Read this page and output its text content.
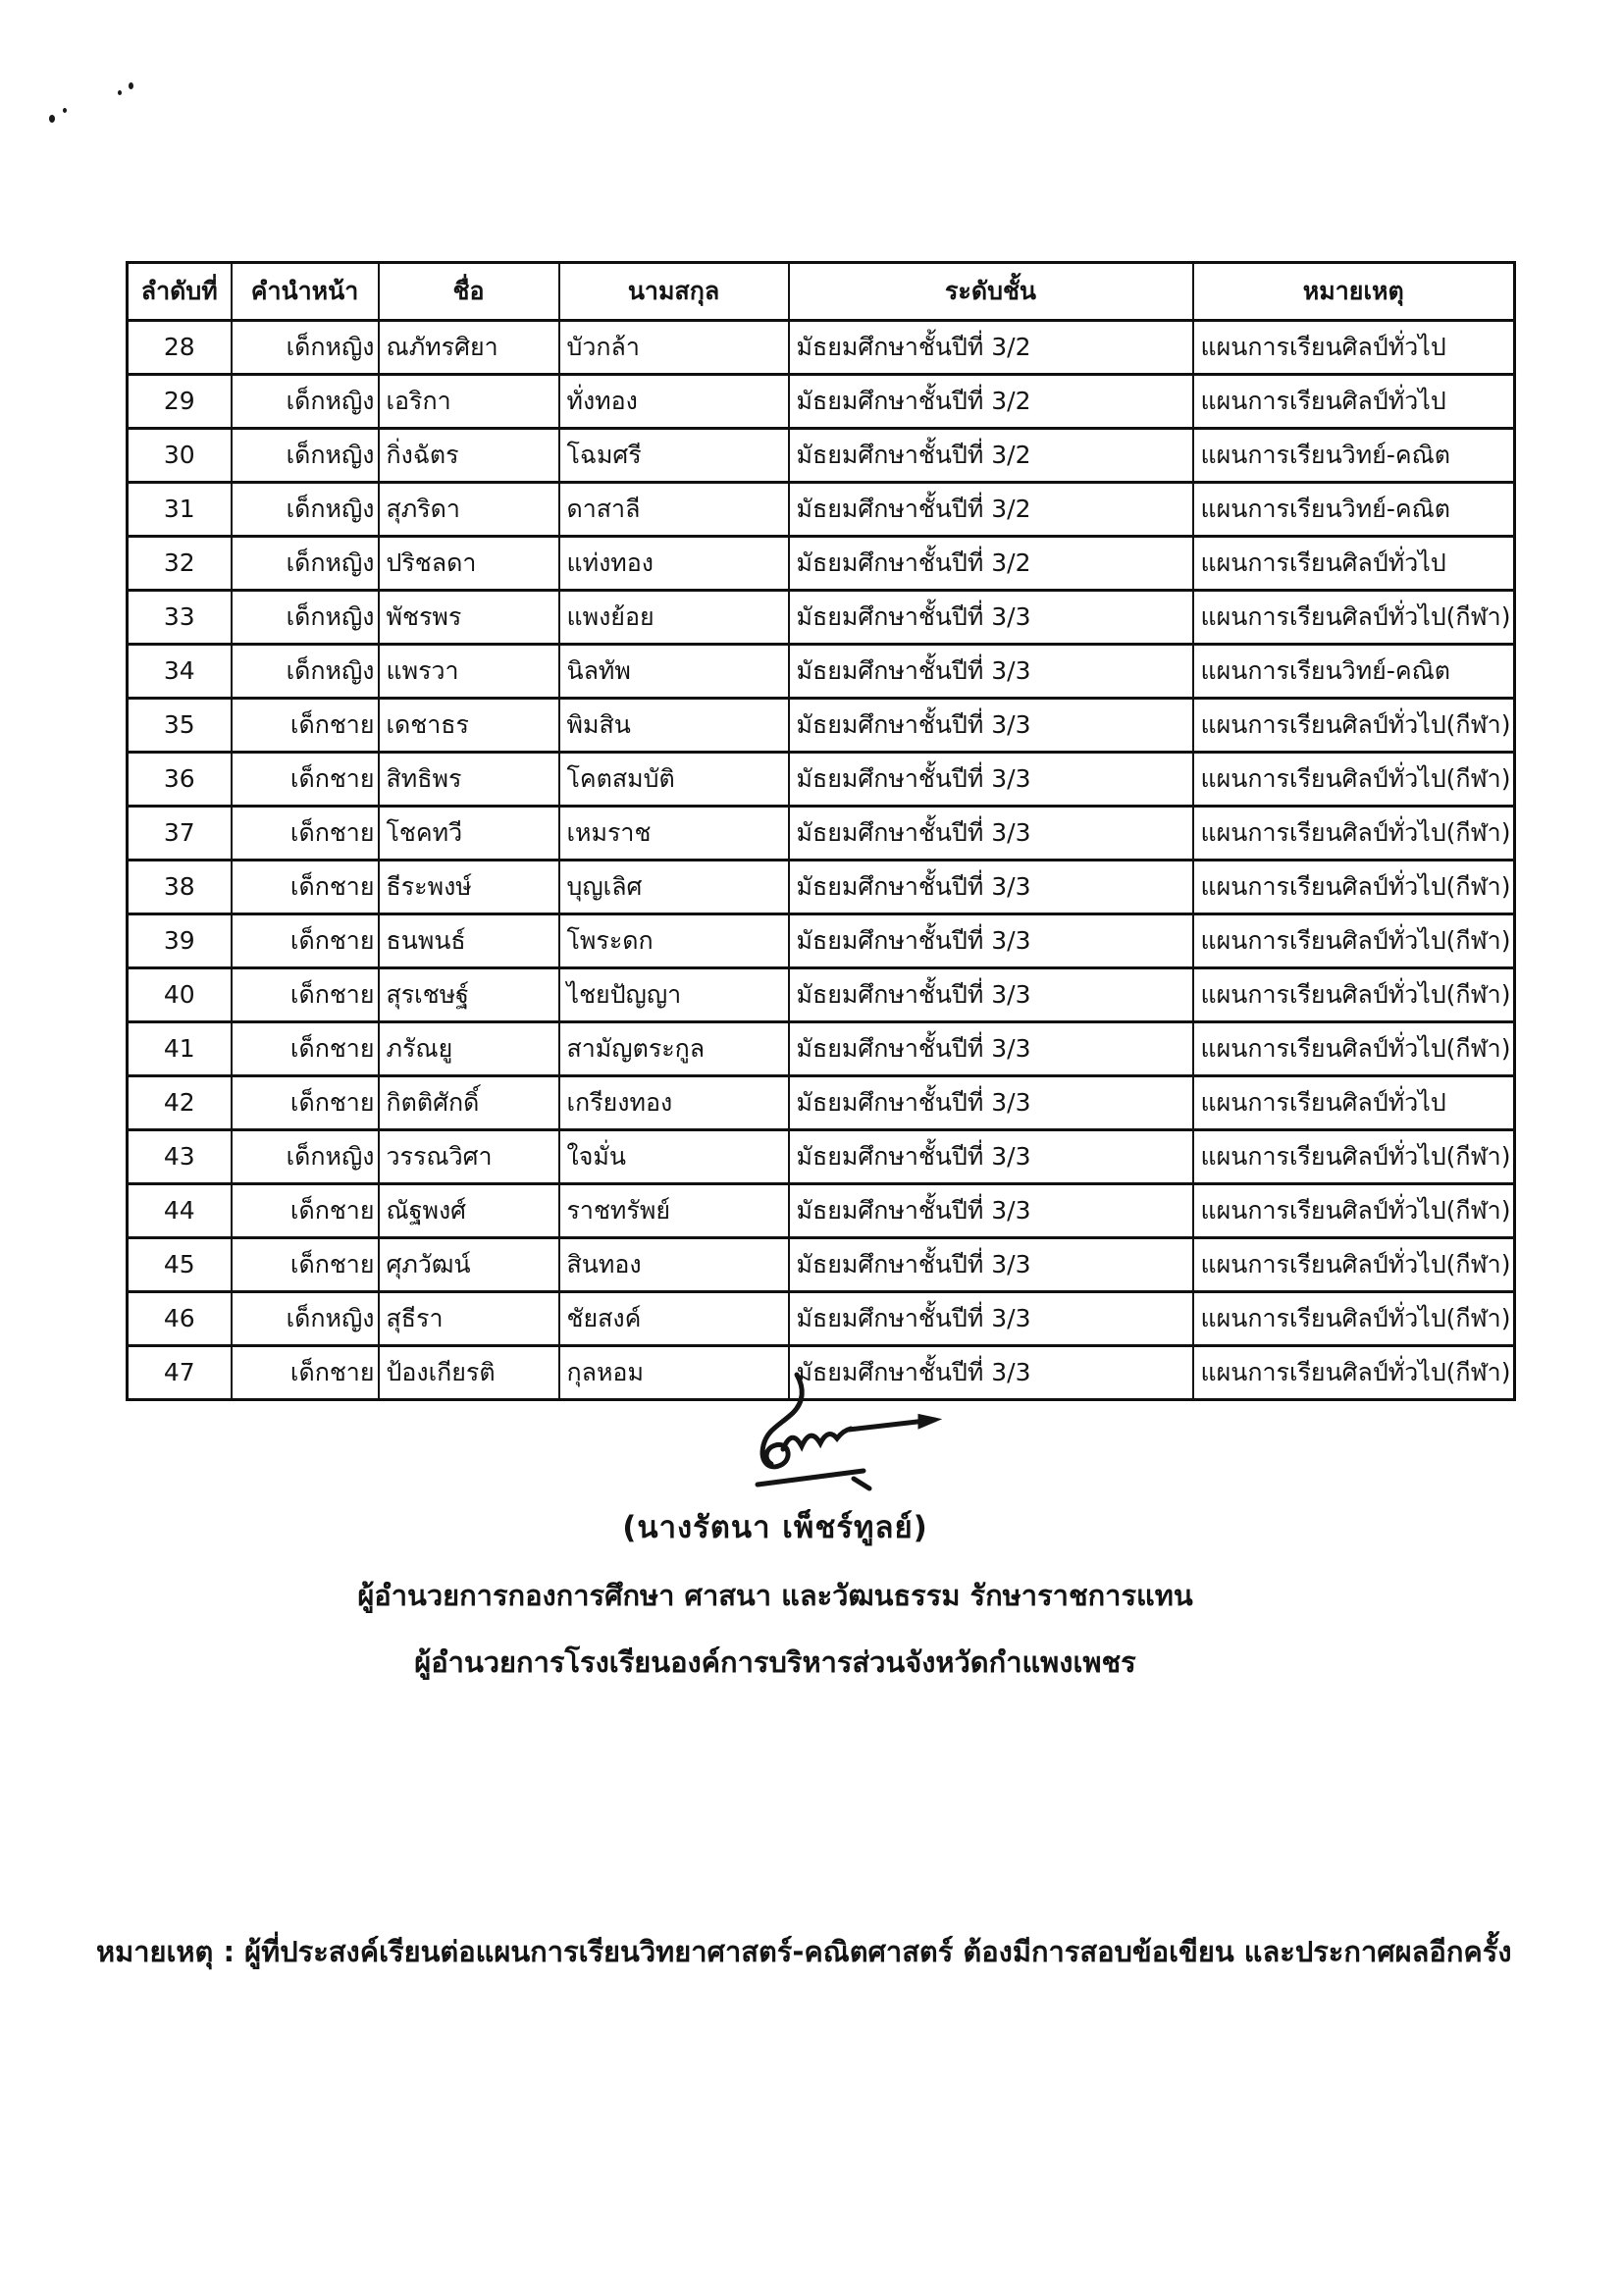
ลำดับที่	คำนำหน้า	ชื่อ	นามสกุล	ระดับชั้น	หมายเหตุ
28	เด็กหญิง	ณภัทรศิยา	บัวกล้า	มัธยมศึกษาชั้นปีที่ 3/2	แผนการเรียนศิลป์ทั่วไป
29	เด็กหญิง	เอริกา	ทั่งทอง	มัธยมศึกษาชั้นปีที่ 3/2	แผนการเรียนศิลป์ทั่วไป
30	เด็กหญิง	กิ่งฉัตร	โฉมศรี	มัธยมศึกษาชั้นปีที่ 3/2	แผนการเรียนวิทย์-คณิต
31	เด็กหญิง	สุภริดา	ดาสาลี	มัธยมศึกษาชั้นปีที่ 3/2	แผนการเรียนวิทย์-คณิต
32	เด็กหญิง	ปริชลดา	แท่งทอง	มัธยมศึกษาชั้นปีที่ 3/2	แผนการเรียนศิลป์ทั่วไป
33	เด็กหญิง	พัชรพร	แพงย้อย	มัธยมศึกษาชั้นปีที่ 3/3	แผนการเรียนศิลป์ทั่วไป(กีฬา)
34	เด็กหญิง	แพรวา	นิลทัพ	มัธยมศึกษาชั้นปีที่ 3/3	แผนการเรียนวิทย์-คณิต
35	เด็กชาย	เดชาธร	พิมสิน	มัธยมศึกษาชั้นปีที่ 3/3	แผนการเรียนศิลป์ทั่วไป(กีฬา)
36	เด็กชาย	สิทธิพร	โคตสมบัติ	มัธยมศึกษาชั้นปีที่ 3/3	แผนการเรียนศิลป์ทั่วไป(กีฬา)
37	เด็กชาย	โชคทวี	เหมราช	มัธยมศึกษาชั้นปีที่ 3/3	แผนการเรียนศิลป์ทั่วไป(กีฬา)
38	เด็กชาย	ธีระพงษ์	บุญเลิศ	มัธยมศึกษาชั้นปีที่ 3/3	แผนการเรียนศิลป์ทั่วไป(กีฬา)
39	เด็กชาย	ธนพนธ์	โพระดก	มัธยมศึกษาชั้นปีที่ 3/3	แผนการเรียนศิลป์ทั่วไป(กีฬา)
40	เด็กชาย	สุรเชษฐ์	ไชยปัญญา	มัธยมศึกษาชั้นปีที่ 3/3	แผนการเรียนศิลป์ทั่วไป(กีฬา)
41	เด็กชาย	ภรัณยู	สามัญตระกูล	มัธยมศึกษาชั้นปีที่ 3/3	แผนการเรียนศิลป์ทั่วไป(กีฬา)
42	เด็กชาย	กิตติศักดิ์	เกรียงทอง	มัธยมศึกษาชั้นปีที่ 3/3	แผนการเรียนศิลป์ทั่วไป
43	เด็กหญิง	วรรณวิศา	ใจมั่น	มัธยมศึกษาชั้นปีที่ 3/3	แผนการเรียนศิลป์ทั่วไป(กีฬา)
44	เด็กชาย	ณัฐพงศ์	ราชทรัพย์	มัธยมศึกษาชั้นปีที่ 3/3	แผนการเรียนศิลป์ทั่วไป(กีฬา)
45	เด็กชาย	ศุภวัฒน์	สินทอง	มัธยมศึกษาชั้นปีที่ 3/3	แผนการเรียนศิลป์ทั่วไป(กีฬา)
46	เด็กหญิง	สุธีรา	ชัยสงค์	มัธยมศึกษาชั้นปีที่ 3/3	แผนการเรียนศิลป์ทั่วไป(กีฬา)
47	เด็กชาย	ป้องเกียรติ	กุลหอม	มัธยมศึกษาชั้นปีที่ 3/3	แผนการเรียนศิลป์ทั่วไป(กีฬา)
(นางรัตนา เพ็ชร์ทูลย์)
ผู้อำนวยการกองการศึกษา ศาสนา และวัฒนธรรม รักษาราชการแทน
ผู้อำนวยการโรงเรียนองค์การบริหารส่วนจังหวัดกำแพงเพชร
หมายเหตุ : ผู้ที่ประสงค์เรียนต่อแผนการเรียนวิทยาศาสตร์-คณิตศาสตร์ ต้องมีการสอบข้อเขียน และประกาศผลอีกครั้ง
